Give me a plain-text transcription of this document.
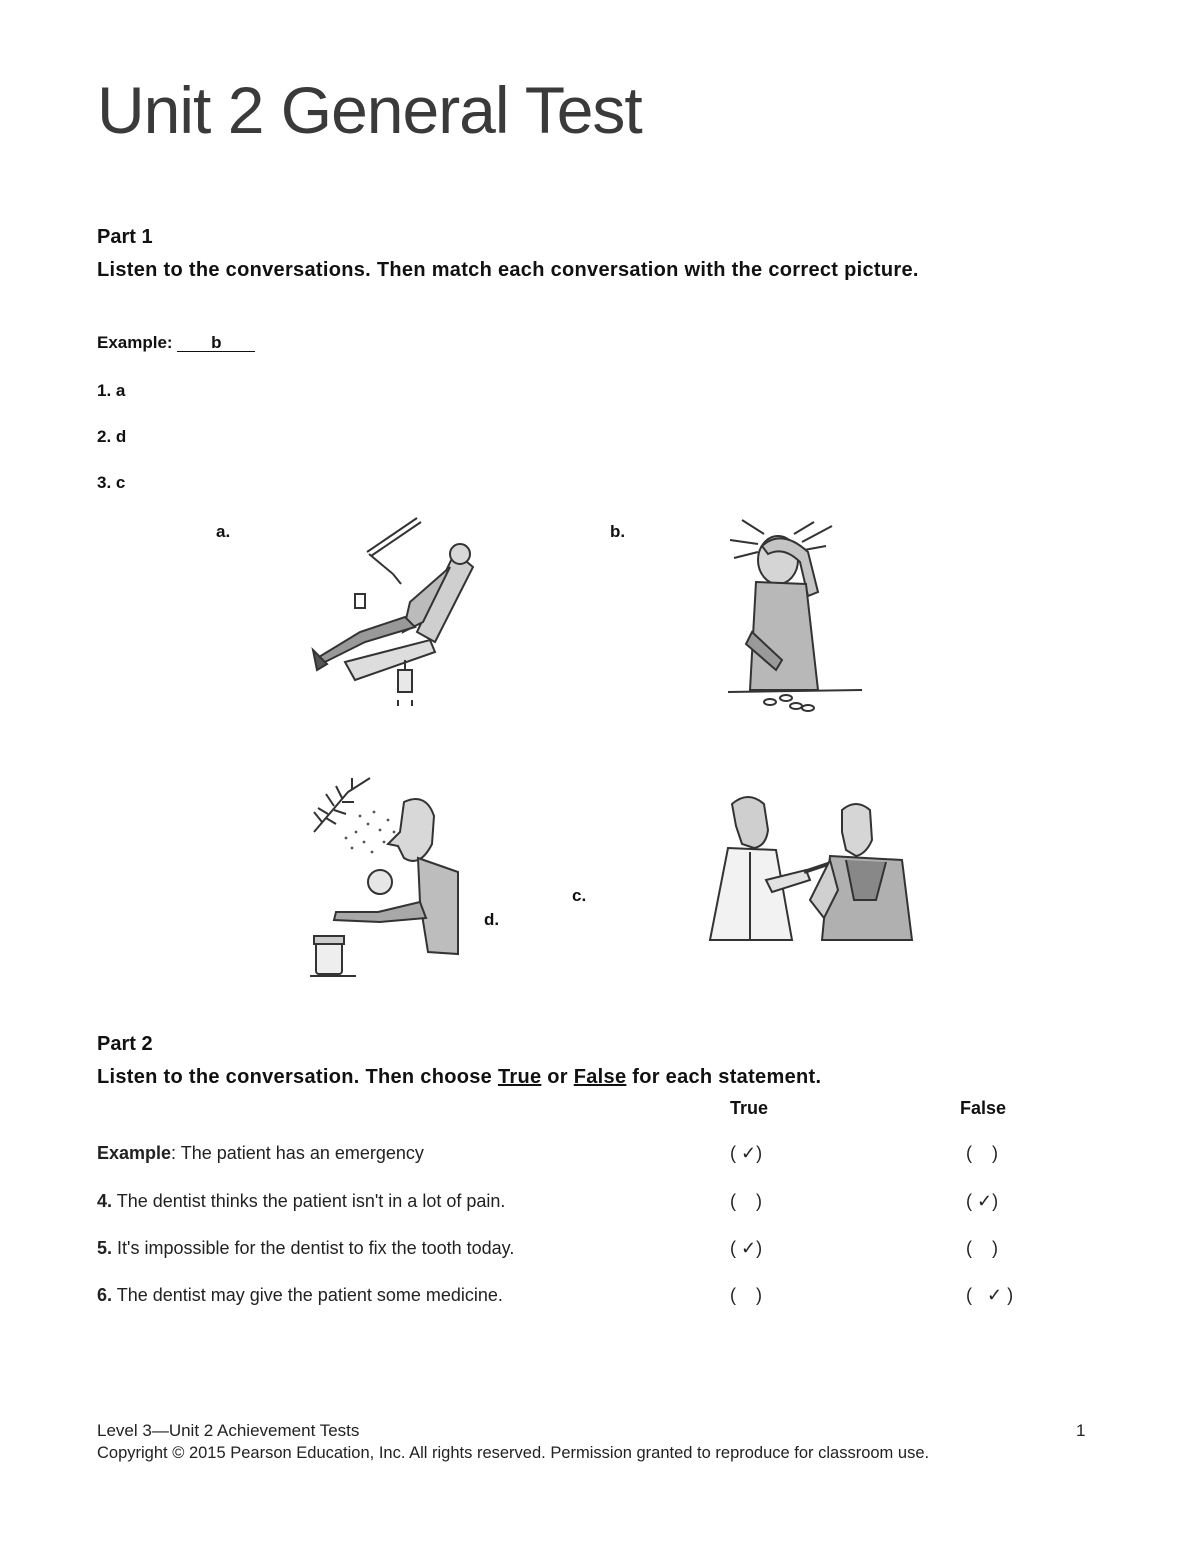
Unit 2 General Test
Part 1
Listen to the conversations. Then match each conversation with the correct picture.
Example: b
1. a
2. d
3. c
a.	b.
c.
d.
Part 2
Listen to the conversation. Then choose True or False for each statement.
True	False
Example: The patient has an emergency	( ✓)	(    )
4. The dentist thinks the patient isn't in a lot of pain.	(    )	( ✓)
5. It's impossible for the dentist to fix the tooth today.	( ✓)	(    )
6. The dentist may give the patient some medicine.	(    )	(   ✓ )
Level 3—Unit 2 Achievement Tests	1
Copyright © 2015 Pearson Education, Inc. All rights reserved. Permission granted to reproduce for classroom use.
